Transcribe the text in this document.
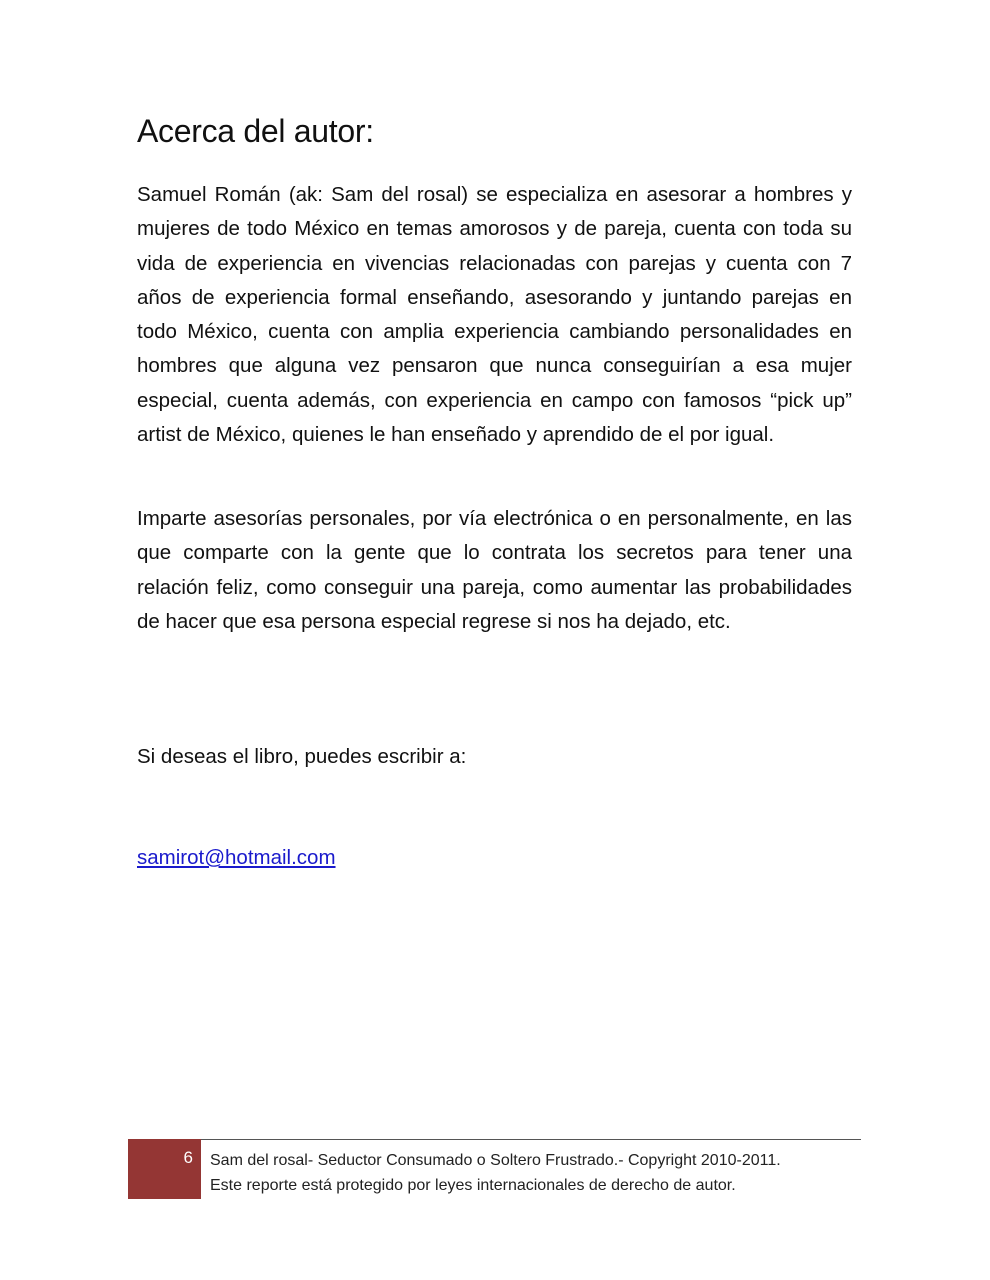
Acerca del autor:

Samuel Román (ak: Sam del rosal) se especializa en asesorar a hombres y mujeres de todo México en temas amorosos y de pareja, cuenta con toda su vida de experiencia en vivencias relacionadas con parejas y cuenta con 7 años de experiencia formal enseñando, asesorando y juntando parejas en todo México, cuenta con amplia experiencia cambiando personalidades en hombres que alguna vez pensaron que nunca conseguirían a esa mujer especial, cuenta además, con experiencia en campo con famosos “pick up” artist de México, quienes le han enseñado y aprendido de el por igual.

Imparte asesorías personales, por vía electrónica o en personalmente, en las que comparte con la gente que lo contrata los secretos para tener una relación feliz, como conseguir una pareja, como aumentar las probabilidades de hacer que esa persona especial regrese si nos ha dejado, etc.

Si deseas el libro, puedes escribir a:

samirot@hotmail.com
6 Sam del rosal- Seductor Consumado o Soltero Frustrado.- Copyright 2010-2011.
Este reporte está protegido por leyes internacionales de derecho de autor.
